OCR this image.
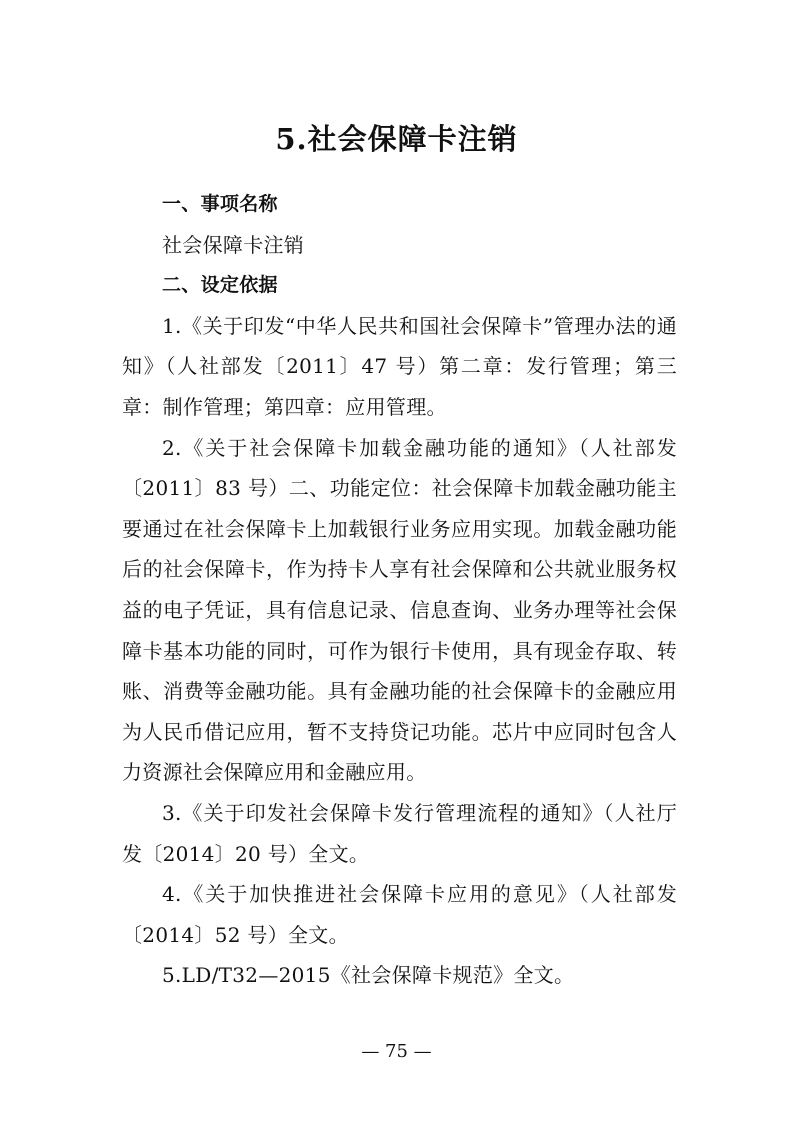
5.社会保障卡注销

一、事项名称

社会保障卡注销

二、设定依据

1.《关于印发“中华人民共和国社会保障卡”管理办法的通知》（人社部发〔2011〕47 号）第二章：发行管理；第三章：制作管理；第四章：应用管理。

2.《关于社会保障卡加载金融功能的通知》（人社部发〔2011〕83 号）二、功能定位：社会保障卡加载金融功能主要通过在社会保障卡上加载银行业务应用实现。加载金融功能后的社会保障卡，作为持卡人享有社会保障和公共就业服务权益的电子凭证，具有信息记录、信息查询、业务办理等社会保障卡基本功能的同时，可作为银行卡使用，具有现金存取、转账、消费等金融功能。具有金融功能的社会保障卡的金融应用为人民币借记应用，暂不支持贷记功能。芯片中应同时包含人力资源社会保障应用和金融应用。

3.《关于印发社会保障卡发行管理流程的通知》（人社厅发〔2014〕20 号）全文。

4.《关于加快推进社会保障卡应用的意见》（人社部发〔2014〕52 号）全文。

5.LD/T32—2015《社会保障卡规范》全文。

— 75 —
